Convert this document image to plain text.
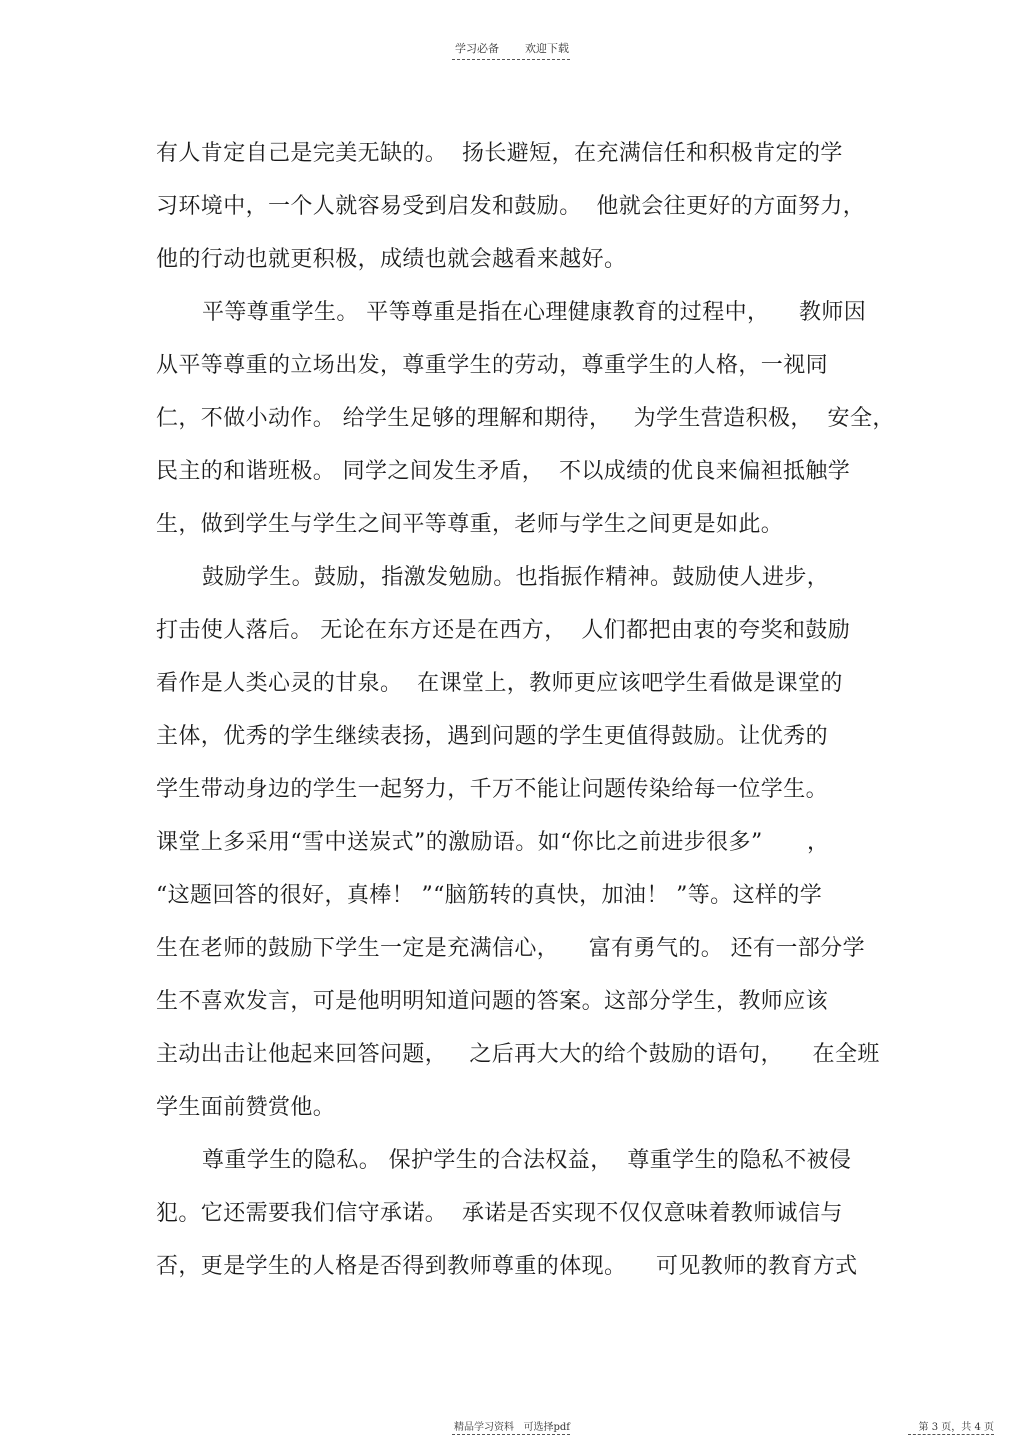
学习必备 欢迎下载
有人肯定自己是完美无缺的。  扬长避短，在充满信任和积极肯定的学
习环境中，一个人就容易受到启发和鼓励。  他就会往更好的方面努力，
他的行动也就更积极，成绩也就会越看来越好。
平等尊重学生。 平等尊重是指在心理健康教育的过程中，    教师因
从平等尊重的立场出发，尊重学生的劳动，尊重学生的人格，一视同
仁，不做小动作。 给学生足够的理解和期待，   为学生营造积极，  安全，
民主的和谐班极。 同学之间发生矛盾，  不以成绩的优良来偏袒抵触学
生，做到学生与学生之间平等尊重，老师与学生之间更是如此。
鼓励学生。鼓励，指激发勉励。也指振作精神。鼓励使人进步，
打击使人落后。 无论在东方还是在西方，  人们都把由衷的夸奖和鼓励
看作是人类心灵的甘泉。  在课堂上，教师更应该吧学生看做是课堂的
主体，优秀的学生继续表扬，遇到问题的学生更值得鼓励。让优秀的
学生带动身边的学生一起努力，千万不能让问题传染给每一位学生。
课堂上多采用“雪中送炭式”的激励语。如“你比之前进步很多”      ，
“这题回答的很好，真棒！ ”“脑筋转的真快，加油！ ”等。这样的学
生在老师的鼓励下学生一定是充满信心，    富有勇气的。 还有一部分学
生不喜欢发言，可是他明明知道问题的答案。这部分学生，教师应该
主动出击让他起来回答问题，   之后再大大的给个鼓励的语句，    在全班
学生面前赞赏他。
尊重学生的隐私。 保护学生的合法权益，  尊重学生的隐私不被侵
犯。它还需要我们信守承诺。  承诺是否实现不仅仅意味着教师诚信与
否，更是学生的人格是否得到教师尊重的体现。    可见教师的教育方式
精品学习资料   可选择pdf	第 3 页，共 4 页
